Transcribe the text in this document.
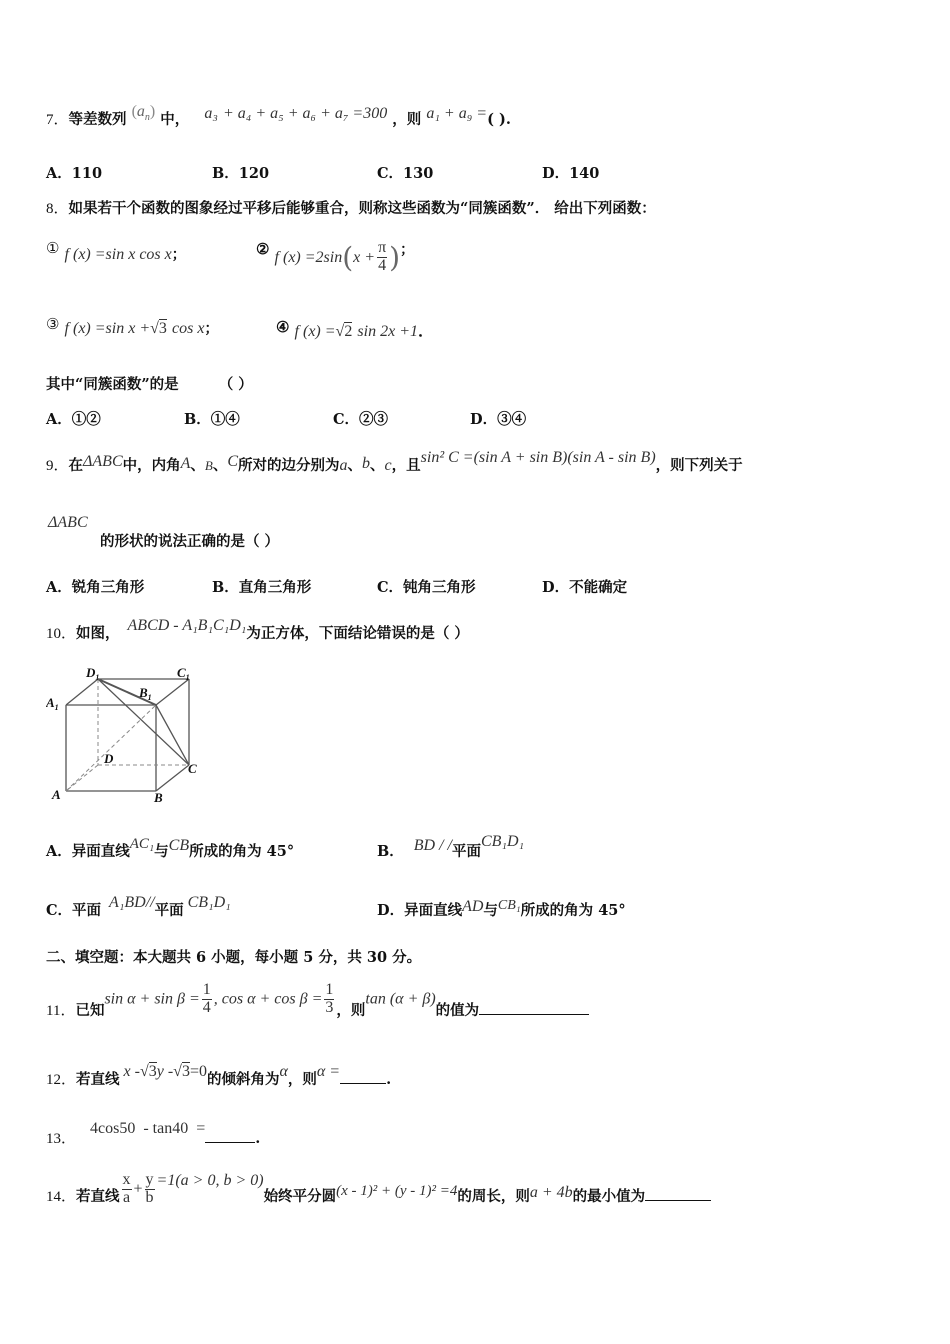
7．等差数列 $(a_n)$ 中， a₃ + a₄ + a₅ + a₆ + a₇ =300 ，则 a₁ + a₉ =( ).
A．110	B．120	C．130	D．140
8．如果若干个函数的图象经过平移后能够重合，则称这些函数为“同簇函数”． 给出下列函数：
① f (x) =sin x cos x；	② f $(x) =2\sin(x + \frac{\pi}{4}$ )；
③ f (x) =sin x +√3 cos x；	④ f (x) =√2 sin 2x +1．
其中“同簇函数”的是	（ ）
A．①②	B．①④	C．②③	D．③④
9．在ΔABC中，内角A、B、C所对的边分别为a、b、c，且sin² C =(sin A + sin B)(sin A - sin B)，则下列关于
ΔABC
的形状的说法正确的是（ ）
A．锐角三角形	B．直角三角形	C．钝角三角形	D．不能确定
10．如图， ABCD - A₁B₁C₁D₁为正方体，下面结论错误的是（ ）
$D_1$	$C_1$
$A_1$
$B_1$
D
C
A	B
A．异面直线AC₁与CB所成的角为 45°	B． BD / /平面CB₁D₁
C．平面 A₁BD//平面 CB₁D₁	D．异面直线AD与CB₁所成的角为 45°
二、填空题：本大题共 6 小题，每小题 5 分，共 30 分。
11．已知$\sin \alpha + \sin \beta = \frac{1}{4}$ , $\cos \alpha + \cos \beta = \frac{1}{3}$ ，则tan (α + β)的值为
12．若直线 x -√3y -√3=0的倾斜角为α，则α =	.
13．4cos50  - tan40  =.
14．若直线 $\frac{x}{a} + \frac{y}{b} =1(a > 0$, b > 0)始终平分圆(x - 1)² + (y - 1)² =4的周长，则a + 4b的最小值为
